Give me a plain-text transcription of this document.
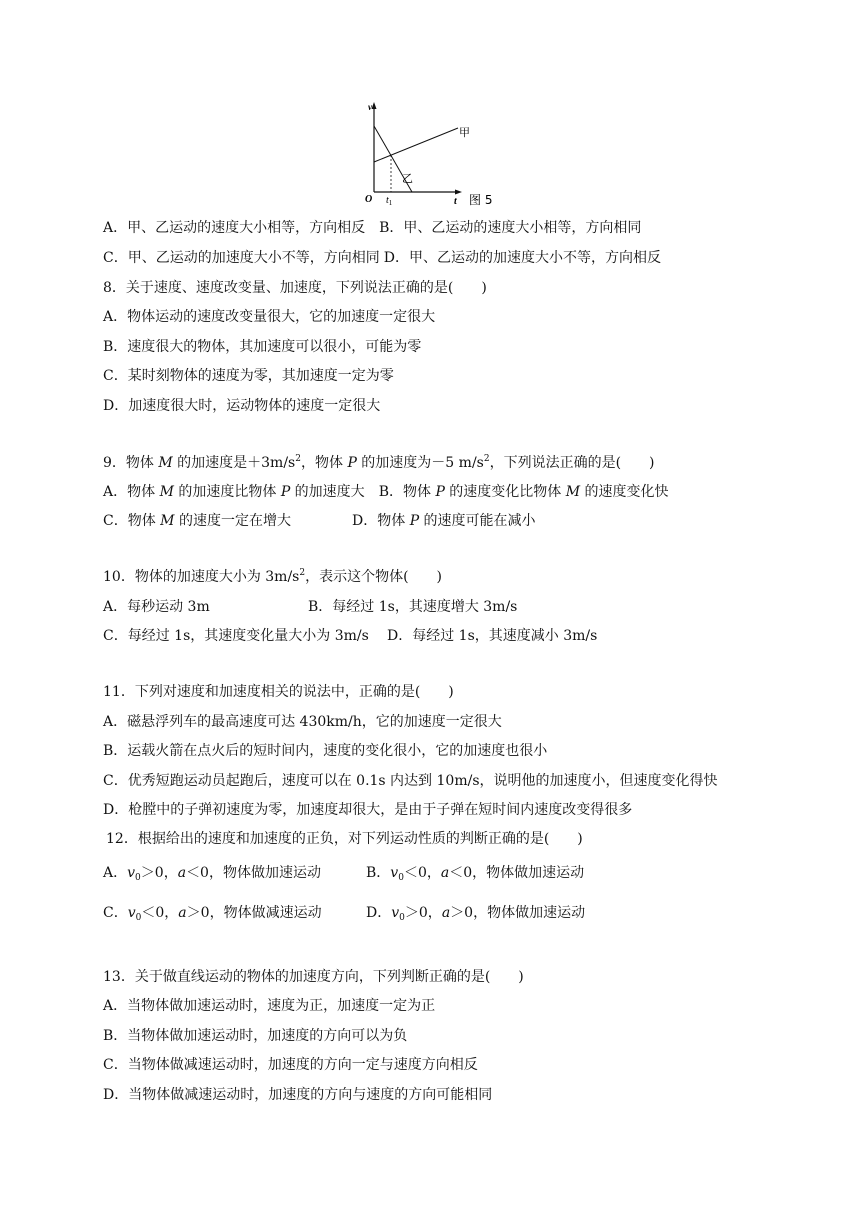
v
t
O $t_1$
甲
乙
图 5
A．甲、乙运动的速度大小相等，方向相反 B．甲、乙运动的速度大小相等，方向相同
C．甲、乙运动的加速度大小不等，方向相同 D．甲、乙运动的加速度大小不等，方向相反
8．关于速度、速度改变量、加速度，下列说法正确的是(　　)
A．物体运动的速度改变量很大，它的加速度一定很大
B．速度很大的物体，其加速度可以很小，可能为零
C．某时刻物体的速度为零，其加速度一定为零
D．加速度很大时，运动物体的速度一定很大
9．物体 M 的加速度是$+3m/s^2$，物体 P 的加速度为－5 $m/s^2$，下列说法正确的是(　　)
A．物体 M 的加速度比物体 P 的加速度大 B．物体 P 的速度变化比物体 M 的速度变化快
C．物体 M 的速度一定在增大	D．物体 P 的速度可能在减小
10．物体的加速度大小为 $3m/s^2$，表示这个物体(　　)
A．每秒运动 3m	B．每经过 1s，其速度增大 3m/s
C．每经过 1s，其速度变化量大小为 3m/s D．每经过 1s，其速度减小 3m/s
11．下列对速度和加速度相关的说法中，正确的是(　　)
A．磁悬浮列车的最高速度可达 430km/h，它的加速度一定很大
B．运载火箭在点火后的短时间内，速度的变化很小，它的加速度也很小
C．优秀短跑运动员起跑后，速度可以在 0.1s 内达到 10m/s，说明他的加速度小，但速度变化得快
D．枪膛中的子弹初速度为零，加速度却很大，是由于子弹在短时间内速度改变得很多
12．根据给出的速度和加速度的正负，对下列运动性质的判断正确的是(　　)
A．$v_0>0$，a＜0，物体做加速运动	B．$v_0<0$，a＜0，物体做加速运动
C．$v_0<0$，a＞0，物体做减速运动	D．$v_0>0$，a＞0，物体做加速运动
13．关于做直线运动的物体的加速度方向，下列判断正确的是(　　)
A．当物体做加速运动时，速度为正，加速度一定为正
B．当物体做加速运动时，加速度的方向可以为负
C．当物体做减速运动时，加速度的方向一定与速度方向相反
D．当物体做减速运动时，加速度的方向与速度的方向可能相同
